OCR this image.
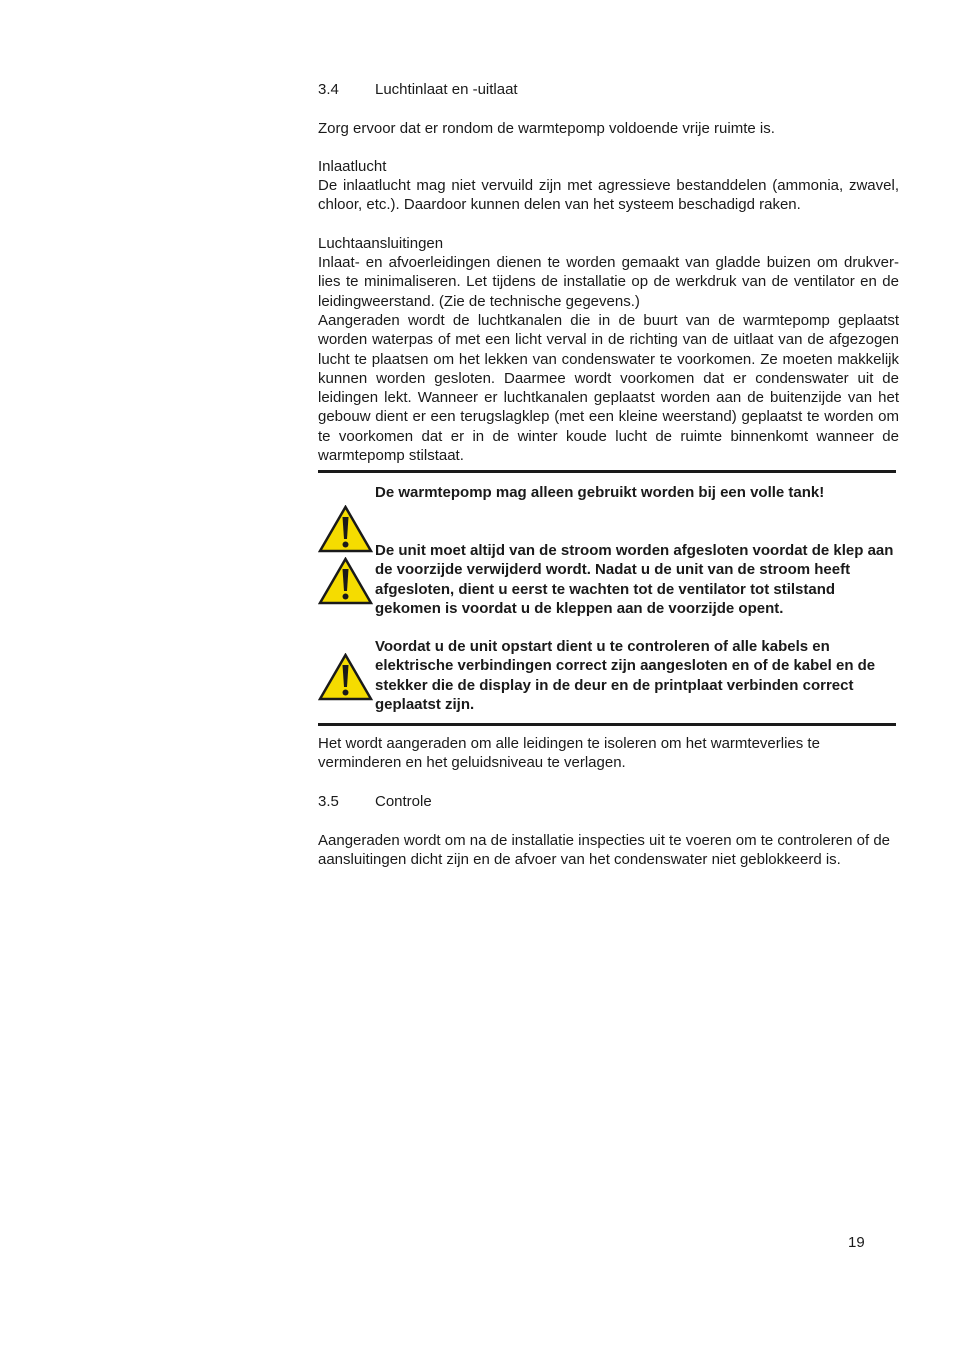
3.4 Luchtinlaat en -uitlaat

Zorg ervoor dat er rondom de warmtepomp voldoende vrije ruimte is.

Inlaatlucht

De inlaatlucht mag niet vervuild zijn met agressieve bestanddelen (ammonia, zwavel, chloor, etc.). Daardoor kunnen delen van het systeem beschadigd raken.

Luchtaansluitingen

Inlaat- en afvoerleidingen dienen te worden gemaakt van gladde buizen om drukver-lies te minimaliseren. Let tijdens de installatie op de werkdruk van de ventilator en de leidingweerstand. (Zie de technische gegevens.)

Aangeraden wordt de luchtkanalen die in de buurt van de warmtepomp geplaatst worden waterpas of met een licht verval in de richting van de uitlaat van de afgezogen lucht te plaatsen om het lekken van condenswater te voorkomen. Ze moeten makkelijk kunnen worden gesloten. Daarmee wordt voorkomen dat er condenswater uit de leidingen lekt. Wanneer er luchtkanalen geplaatst worden aan de buitenzijde van het gebouw dient er een terugslagklep (met een kleine weerstand) geplaatst te worden om te voorkomen dat er in de winter koude lucht de ruimte binnenkomt wanneer de warmtepomp stilstaat.

De warmtepomp mag alleen gebruikt worden bij een volle tank!
De unit moet altijd van de stroom worden afgesloten voordat de klep aan de voorzijde verwijderd wordt. Nadat u de unit van de stroom heeft afgesloten, dient u eerst te wachten tot de ventilator tot stilstand gekomen is voordat u de kleppen aan de voorzijde opent.
Voordat u de unit opstart dient u te controleren of alle kabels en elektrische verbindingen correct zijn aangesloten en of de kabel en de stekker die de display in de deur en de printplaat verbinden correct geplaatst zijn.

Het wordt aangeraden om alle leidingen te isoleren om het warmteverlies te verminderen en het geluidsniveau te verlagen.

3.5 Controle

Aangeraden wordt om na de installatie inspecties uit te voeren om te controleren of de aansluitingen dicht zijn en de afvoer van het condenswater niet geblokkeerd is.

19
